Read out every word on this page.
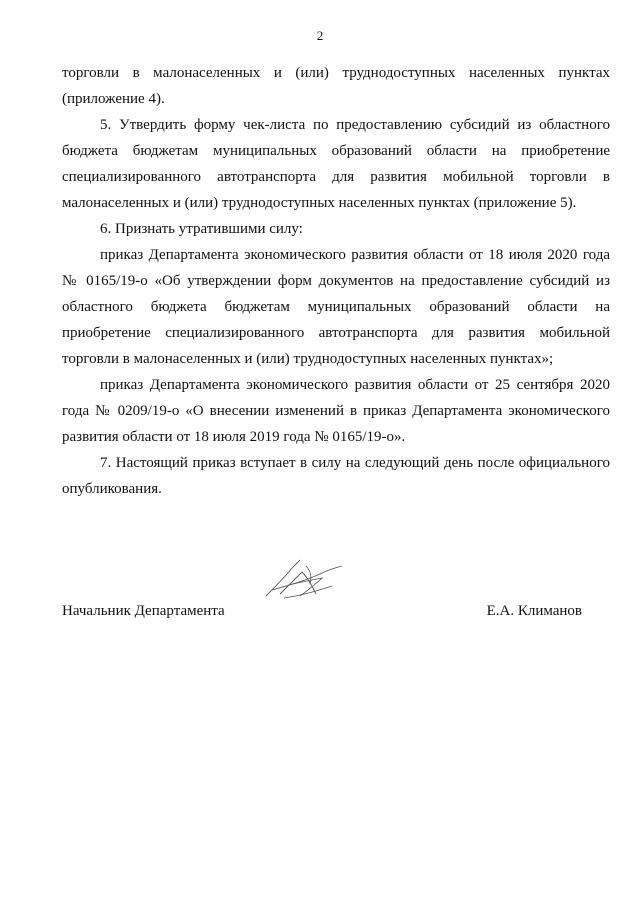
2

торговли в малонаселенных и (или) труднодоступных населенных пунктах (приложение 4).

5. Утвердить форму чек-листа по предоставлению субсидий из областного бюджета бюджетам муниципальных образований области на приобретение специализированного автотранспорта для развития мобильной торговли в малонаселенных и (или) труднодоступных населенных пунктах (приложение 5).

6. Признать утратившими силу:

приказ Департамента экономического развития области от 18 июля 2020 года № 0165/19-о «Об утверждении форм документов на предоставление субсидий из областного бюджета бюджетам муниципальных образований области на приобретение специализированного автотранспорта для развития мобильной торговли в малонаселенных и (или) труднодоступных населенных пунктах»;

приказ Департамента экономического развития области от 25 сентября 2020 года № 0209/19-о «О внесении изменений в приказ Департамента экономического развития области от 18 июля 2019 года № 0165/19-о».

7. Настоящий приказ вступает в силу на следующий день после официального опубликования.

Начальник Департамента	Е.А. Климанов
